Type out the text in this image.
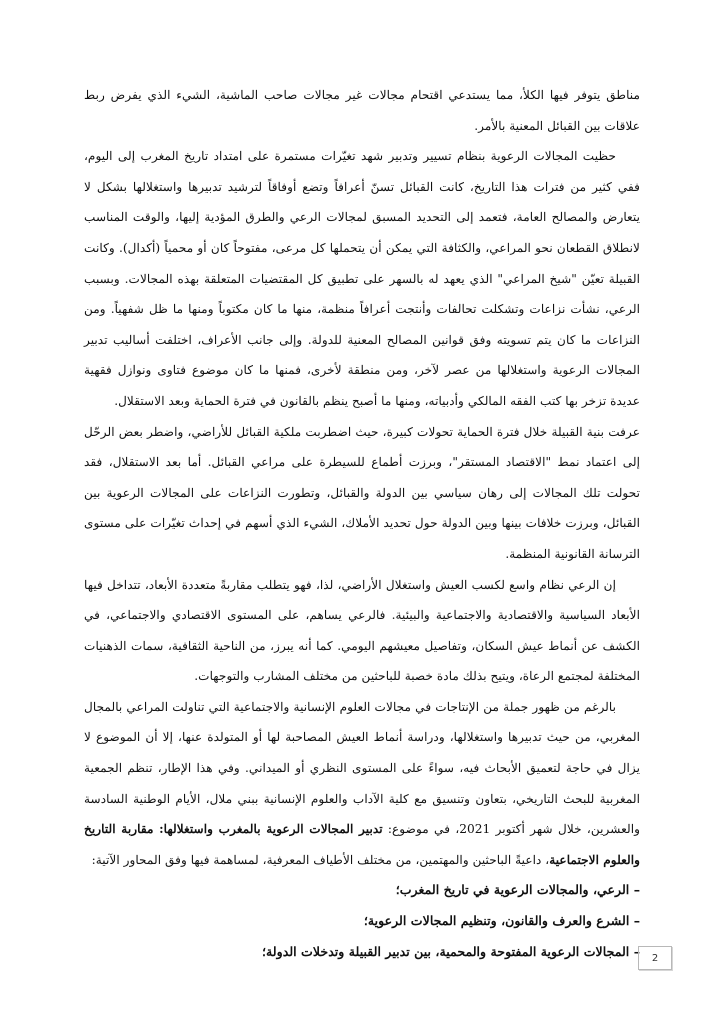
مناطق يتوفر فيها الكلأ، مما يستدعي اقتحام مجالات غير مجالات صاحب الماشية، الشيء الذي يفرض ربط علاقات بين القبائل المعنية بالأمر.

حظيت المجالات الرعوية بنظام تسيير وتدبير شهد تغيّرات مستمرة على امتداد تاريخ المغرب إلى اليوم، ففي كثير من فترات هذا التاريخ، كانت القبائل تسنّ أعرافاً وتضع أوفاقاً لترشيد تدبيرها واستغلالها بشكل لا يتعارض والمصالح العامة، فتعمد إلى التحديد المسبق لمجالات الرعي والطرق المؤدية إليها، والوقت المناسب لانطلاق القطعان نحو المراعي، والكثافة التي يمكن أن يتحملها كل مرعى، مفتوحاً كان أو محمياً (أكدال). وكانت القبيلة تعيّن "شيخ المراعي" الذي يعهد له بالسهر على تطبيق كل المقتضيات المتعلقة بهذه المجالات. وبسبب الرعي، نشأت نزاعات وتشكلت تحالفات وأنتجت أعرافاً منظمة، منها ما كان مكتوباً ومنها ما ظل شفهياً. ومن النزاعات ما كان يتم تسويته وفق قوانين المصالح المعنية للدولة. وإلى جانب الأعراف، اختلفت أساليب تدبير المجالات الرعوية واستغلالها من عصر لآخر، ومن منطقة لأخرى، فمنها ما كان موضوع فتاوى ونوازل فقهية عديدة تزخر بها كتب الفقه المالكي وأدبياته، ومنها ما أصبح ينظم بالقانون في فترة الحماية وبعد الاستقلال.

عرفت بنية القبيلة خلال فترة الحماية تحولات كبيرة، حيث اضطربت ملكية القبائل للأراضي، واضطر بعض الرحّل إلى اعتماد نمط "الاقتصاد المستقر"، وبرزت أطماع للسيطرة على مراعي القبائل. أما بعد الاستقلال، فقد تحولت تلك المجالات إلى رهان سياسي بين الدولة والقبائل، وتطورت النزاعات على المجالات الرعوية بين القبائل، وبرزت خلافات بينها وبين الدولة حول تحديد الأملاك، الشيء الذي أسهم في إحداث تغيّرات على مستوى الترسانة القانونية المنظمة.

إن الرعي نظام واسع لكسب العيش واستغلال الأراضي، لذا، فهو يتطلب مقاربةً متعددة الأبعاد، تتداخل فيها الأبعاد السياسية والاقتصادية والاجتماعية والبيئية. فالرعي يساهم، على المستوى الاقتصادي والاجتماعي، في الكشف عن أنماط عيش السكان، وتفاصيل معيشهم اليومي. كما أنه يبرز، من الناحية الثقافية، سمات الذهنيات المختلفة لمجتمع الرعاة، ويتيح بذلك مادة خصبة للباحثين من مختلف المشارب والتوجهات.

بالرغم من ظهور جملة من الإنتاجات في مجالات العلوم الإنسانية والاجتماعية التي تناولت المراعي بالمجال المغربي، من حيث تدبيرها واستغلالها، ودراسة أنماط العيش المصاحبة لها أو المتولدة عنها، إلا أن الموضوع لا يزال في حاجة لتعميق الأبحاث فيه، سواءً على المستوى النظري أو الميداني. وفي هذا الإطار، تنظم الجمعية المغربية للبحث التاريخي، بتعاون وتنسيق مع كلية الآداب والعلوم الإنسانية ببني ملال، الأيام الوطنية السادسة والعشرين، خلال شهر أكتوبر 2021، في موضوع: تدبير المجالات الرعوية بالمغرب واستغلالها: مقاربة التاريخ والعلوم الاجتماعية، داعيةً الباحثين والمهتمين، من مختلف الأطياف المعرفية، لمساهمة فيها وفق المحاور الآتية:

– الرعي، والمجالات الرعوية في تاريخ المغرب؛
– الشرع والعرف والقانون، وتنظيم المجالات الرعوية؛
– المجالات الرعوية المفتوحة والمحمية، بين تدبير القبيلة وتدخلات الدولة؛	2
